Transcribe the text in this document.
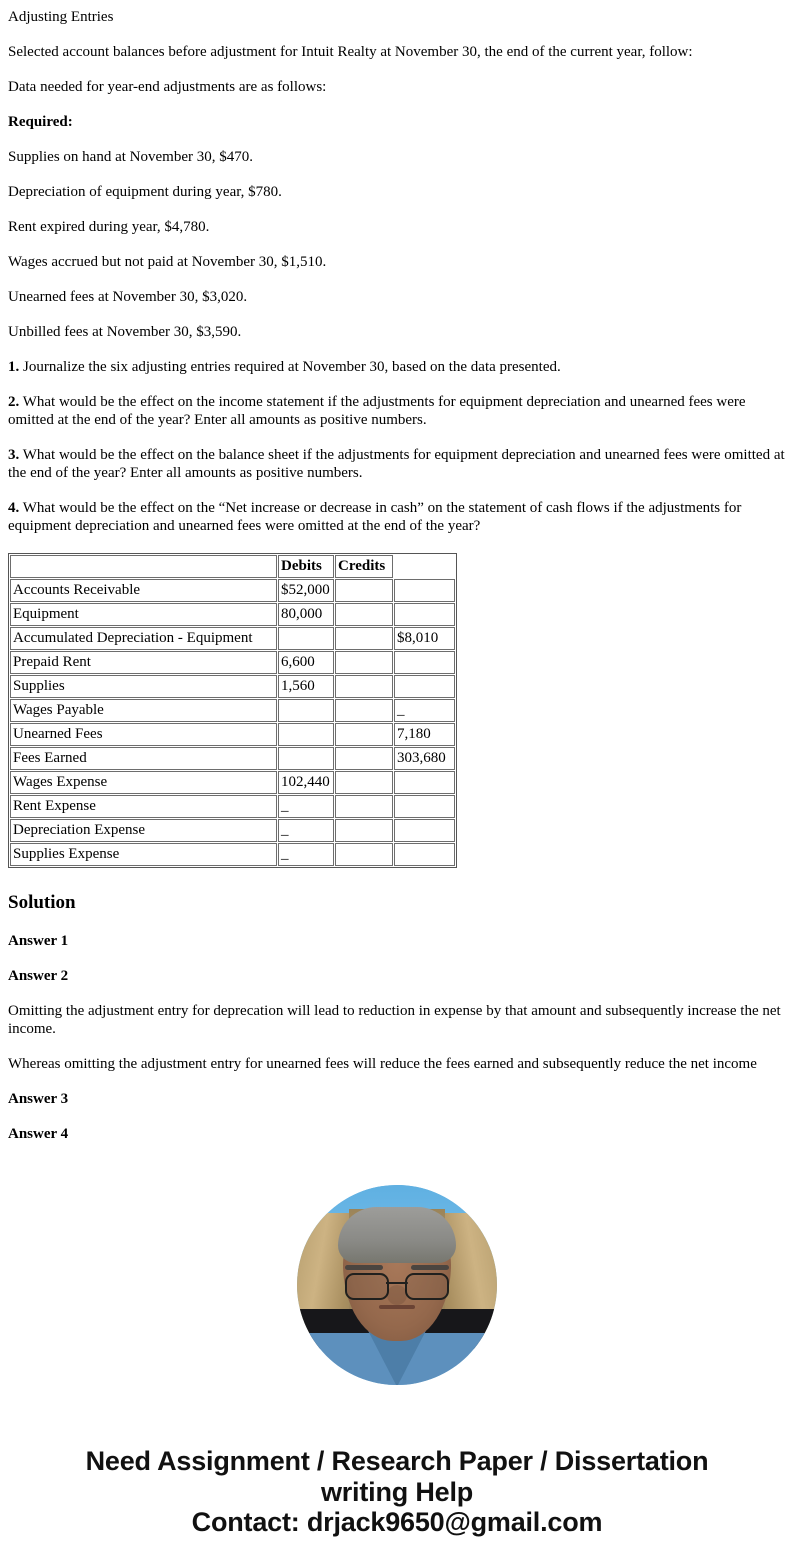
Adjusting Entries

Selected account balances before adjustment for Intuit Realty at November 30, the end of the current year, follow:

Data needed for year-end adjustments are as follows:

Required:

Supplies on hand at November 30, $470.

Depreciation of equipment during year, $780.

Rent expired during year, $4,780.

Wages accrued but not paid at November 30, $1,510.

Unearned fees at November 30, $3,020.

Unbilled fees at November 30, $3,590.

1. Journalize the six adjusting entries required at November 30, based on the data presented.

2. What would be the effect on the income statement if the adjustments for equipment depreciation and unearned fees were omitted at the end of the year? Enter all amounts as positive numbers.

3. What would be the effect on the balance sheet if the adjustments for equipment depreciation and unearned fees were omitted at the end of the year? Enter all amounts as positive numbers.

4. What would be the effect on the “Net increase or decrease in cash” on the statement of cash flows if the adjustments for equipment depreciation and unearned fees were omitted at the end of the year?

	Debits	Credits	
Accounts Receivable	$52,000		
Equipment	80,000		
Accumulated Depreciation - Equipment			$8,010
Prepaid Rent	6,600		
Supplies	1,560		
Wages Payable			_
Unearned Fees			7,180
Fees Earned			303,680
Wages Expense	102,440		
Rent Expense	_		
Depreciation Expense	_		
Supplies Expense	_		
Solution
Answer 1
Answer 2

Omitting the adjustment entry for deprecation will lead to reduction in expense by that amount and subsequently increase the net income.

Whereas omitting the adjustment entry for unearned fees will reduce the fees earned and subsequently reduce the net income

Answer 3
Answer 4
Need Assignment / Research Paper / Dissertation
writing Help
Contact: drjack9650@gmail.com
